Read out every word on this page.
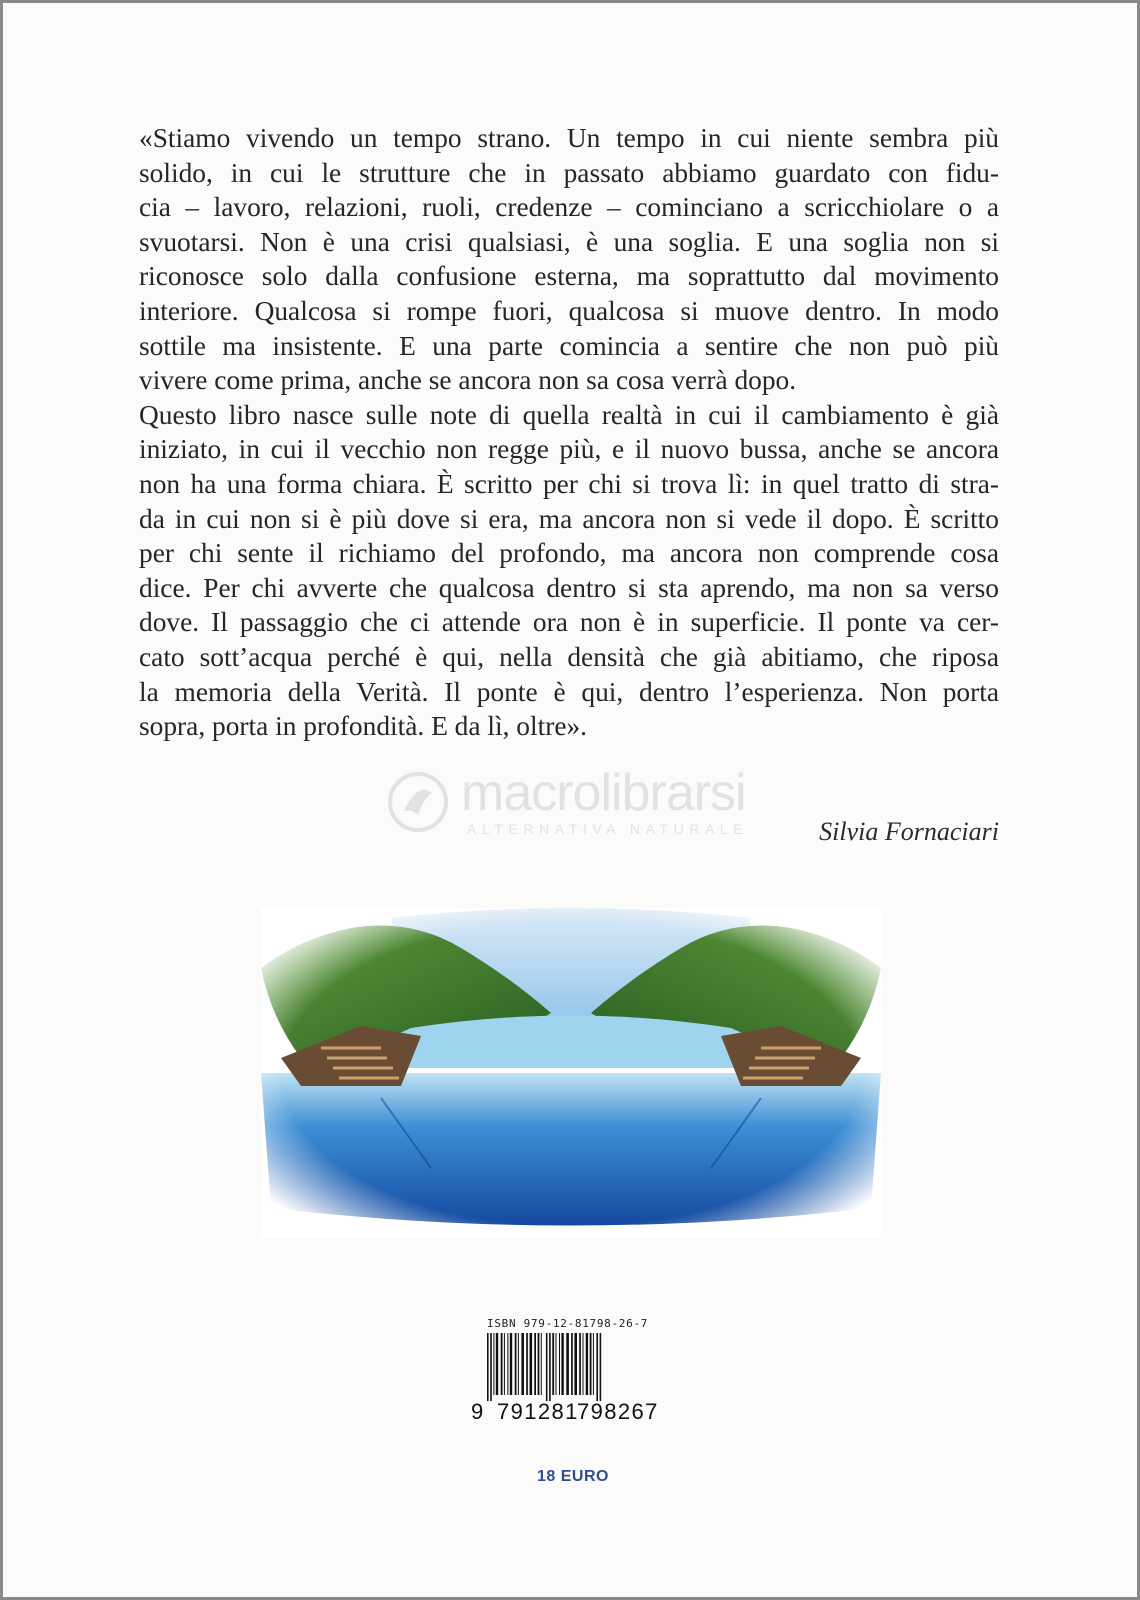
«Stiamo vivendo un tempo strano. Un tempo in cui niente sembra più
solido, in cui le strutture che in passato abbiamo guardato con fidu-
cia – lavoro, relazioni, ruoli, credenze – cominciano a scricchiolare o a
svuotarsi. Non è una crisi qualsiasi, è una soglia. E una soglia non si
riconosce solo dalla confusione esterna, ma soprattutto dal movimento
interiore. Qualcosa si rompe fuori, qualcosa si muove dentro. In modo
sottile ma insistente. E una parte comincia a sentire che non può più
vivere come prima, anche se ancora non sa cosa verrà dopo.
Questo libro nasce sulle note di quella realtà in cui il cambiamento è già
iniziato, in cui il vecchio non regge più, e il nuovo bussa, anche se ancora
non ha una forma chiara. È scritto per chi si trova lì: in quel tratto di stra-
da in cui non si è più dove si era, ma ancora non si vede il dopo. È scritto
per chi sente il richiamo del profondo, ma ancora non comprende cosa
dice. Per chi avverte che qualcosa dentro si sta aprendo, ma non sa verso
dove. Il passaggio che ci attende ora non è in superficie. Il ponte va cer-
cato sott’acqua perché è qui, nella densità che già abitiamo, che riposa
la memoria della Verità. Il ponte è qui, dentro l’esperienza. Non porta
sopra, porta in profondità. E da lì, oltre».
macrolibrarsi
ALTERNATIVA NATURALE	Silvia Fornaciari
ISBN 979-12-81798-26-7
9 791281
798267
18 EURO
